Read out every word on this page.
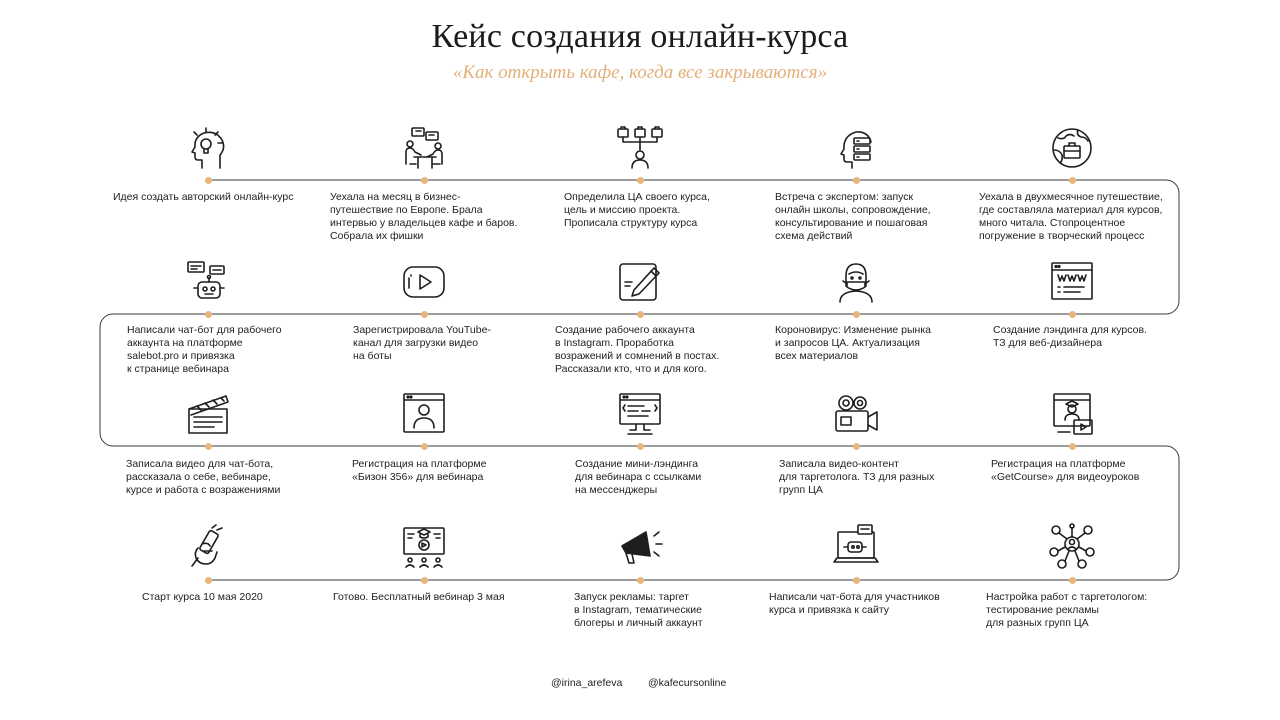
Кейс создания онлайн-курса
«Как открыть кафе, когда все закрываются»
Идея создать авторский онлайн-курс	Уехала на месяц в бизнес-
путешествие по Европе. Брала
интервью у владельцев кафе и баров.
Собрала их фишки
Определила ЦА своего курса,
цель и миссию проекта.
Прописала структуру курса
Встреча с экспертом: запуск
онлайн школы, сопровождение,
консультирование и пошаговая
схема действий
Уехала в двухмесячное путешествие,
где составляла материал для курсов,
много читала. Стопроцентное
погружение в творческий процесс
Написали чат-бот для рабочего
аккаунта на платформе
salebot.pro и привязка
к странице вебинара
Зарегистрировала YouTube-
канал для загрузки видео
на боты
Создание рабочего аккаунта
в Instagram. Проработка
возражений и сомнений в постах.
Рассказали кто, что и для кого.
Короновирус: Изменение рынка
и запросов ЦА. Актуализация
всех материалов
Создание лэндинга для курсов.
ТЗ для веб-дизайнера
Записала видео для чат-бота,
рассказала о себе, вебинаре,
курсе и работа с возражениями
Регистрация на платформе
«Бизон 356» для вебинара
Создание мини-лэндинга
для вебинара с ссылками
на мессенджеры
Записала видео-контент
для таргетолога. ТЗ для разных
групп ЦА
Регистрация на платформе
«GetCourse» для видеоуроков
Старт курса 10 мая 2020	Готово. Бесплатный вебинар 3 мая	Запуск рекламы: таргет
в Instagram, тематические
блогеры и личный аккаунт
Написали чат-бота для участников
курса и привязка к сайту
Настройка работ с таргетологом:
тестирование рекламы
для разных групп ЦА
@irina_arefeva @kafecursonline
